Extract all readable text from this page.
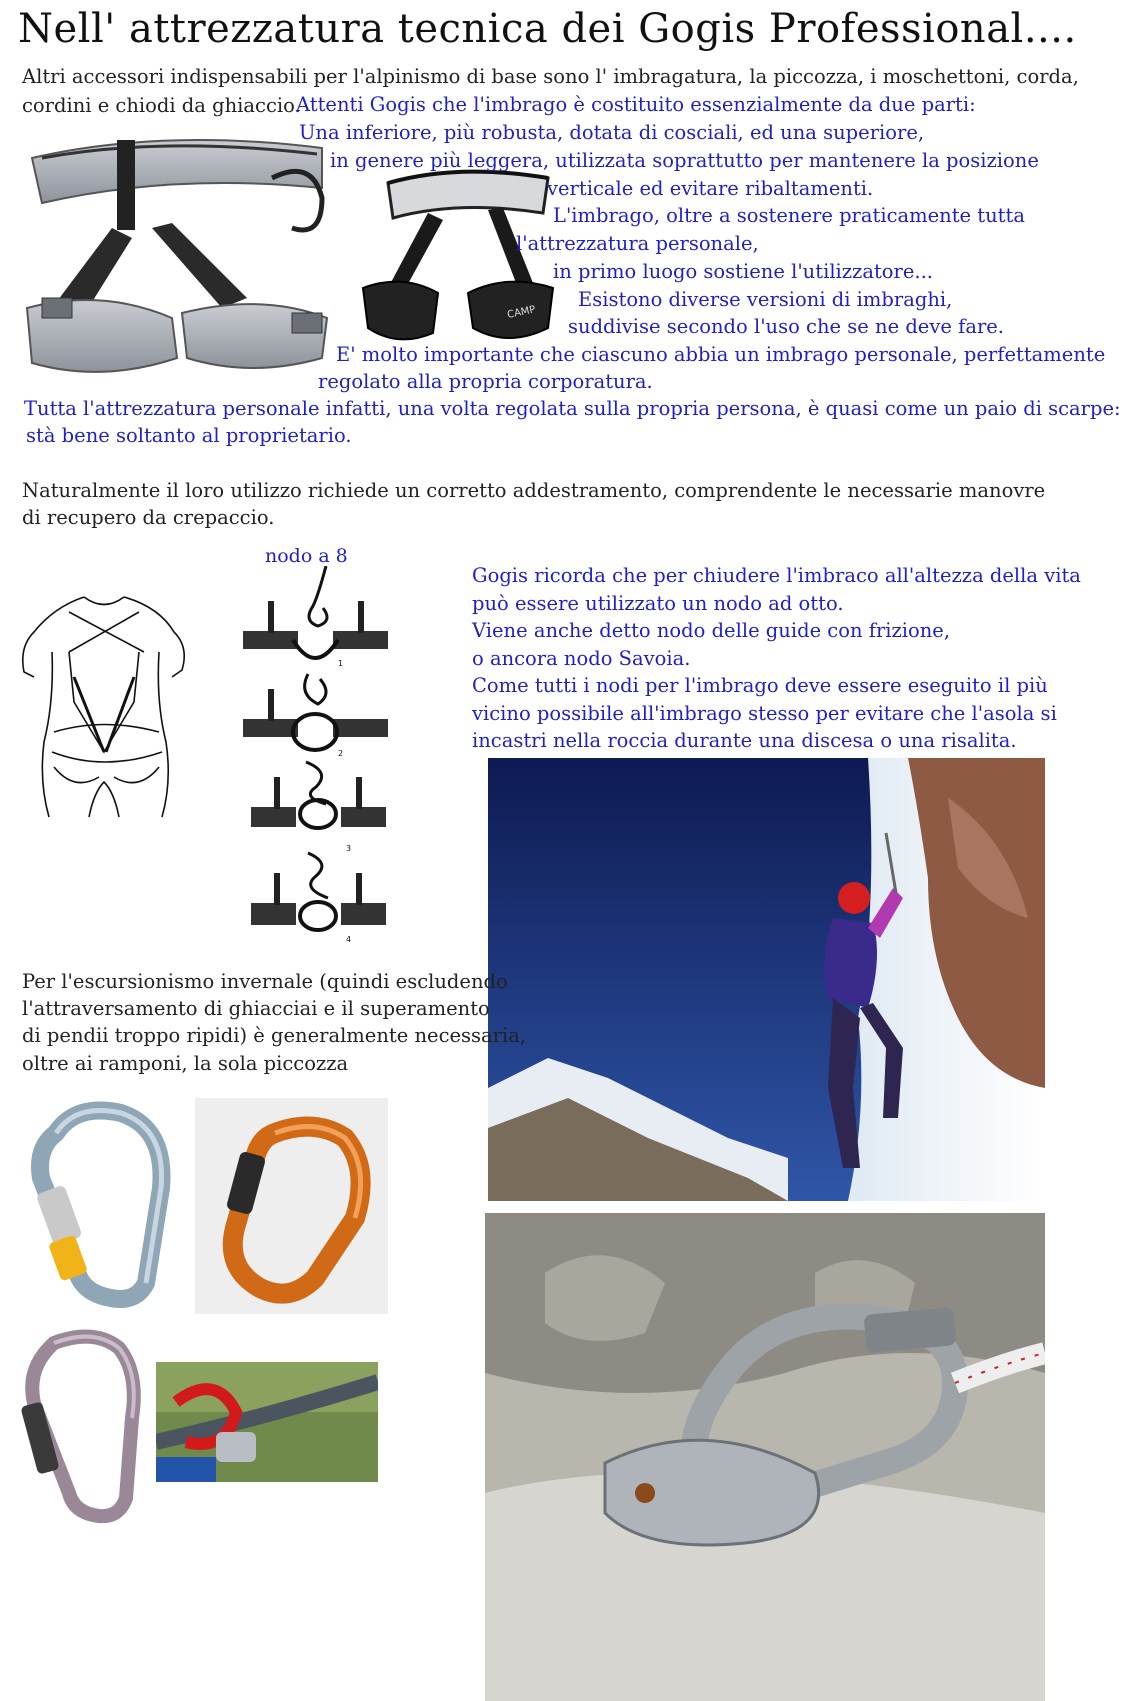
Nell' attrezzatura tecnica dei Gogis Professional....
Altri accessori indispensabili per l'alpinismo di base sono l' imbragatura, la piccozza, i moschettoni, corda,
cordini e chiodi da ghiaccio.
CAMP
Attenti Gogis che l'imbrago è costituito essenzialmente da due parti:
Una inferiore, più robusta, dotata di cosciali, ed una superiore,
in genere più leggera, utilizzata soprattutto per mantenere la posizione
verticale ed evitare ribaltamenti.
L'imbrago, oltre a sostenere praticamente tutta
l'attrezzatura personale,
in primo luogo sostiene l'utilizzatore...
Esistono diverse versioni di imbraghi,
suddivise secondo l'uso che se ne deve fare.
E' molto importante che ciascuno abbia un imbrago personale, perfettamente
regolato alla propria corporatura.
Tutta l'attrezzatura personale infatti, una volta regolata sulla propria persona, è quasi come un paio di scarpe:
stà bene soltanto al proprietario.
Naturalmente il loro utilizzo richiede un corretto addestramento, comprendente le necessarie manovre
di recupero da crepaccio.
nodo a 8
1
2
3
4
Gogis ricorda che per chiudere l'imbraco all'altezza della vita
può essere utilizzato un nodo ad otto.
Viene anche detto nodo delle guide con frizione,
o ancora nodo Savoia.
Come tutti i nodi per l'imbrago deve essere eseguito il più
vicino possibile all'imbrago stesso per evitare che l'asola si
incastri nella roccia durante una discesa o una risalita.
Per l'escursionismo invernale (quindi escludendo
l'attraversamento di ghiacciai e il superamento
di pendii troppo ripidi) è generalmente necessaria,
oltre ai ramponi, la sola piccozza
